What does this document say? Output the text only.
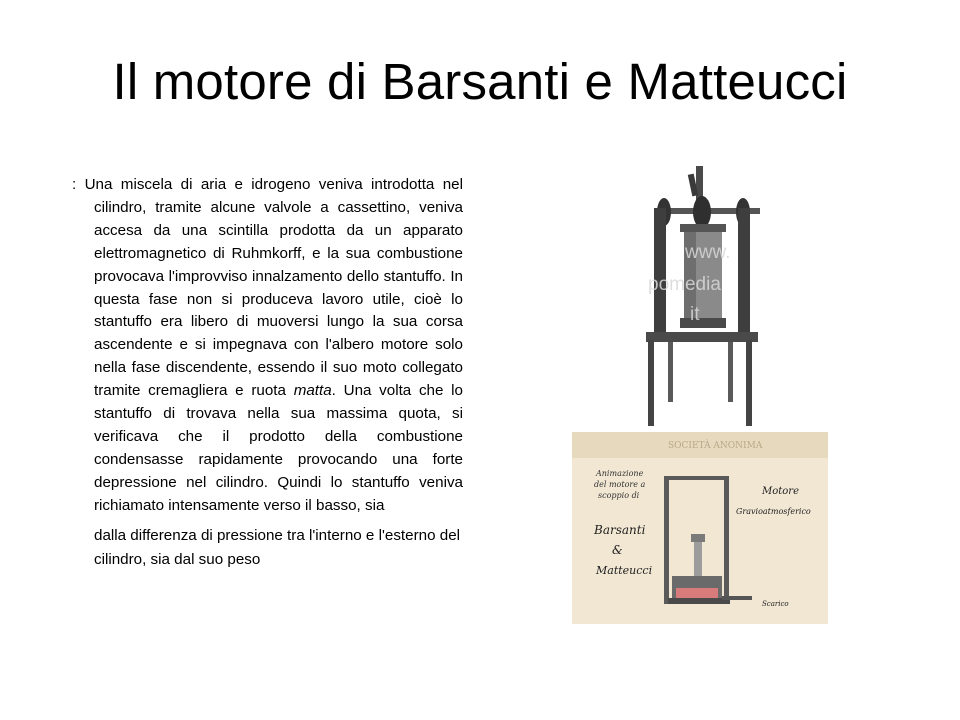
Il motore di Barsanti e Matteucci

: Una miscela di aria e idrogeno veniva introdotta nel cilindro, tramite alcune valvole a cassettino, veniva accesa da una scintilla prodotta da un apparato elettromagnetico di Ruhmkorff, e la sua combustione provocava l'improvviso innalzamento dello stantuffo. In questa fase non si produceva lavoro utile, cioè lo stantuffo era libero di muoversi lungo la sua corsa ascendente e si impegnava con l'albero motore solo nella fase discendente, essendo il suo moto collegato tramite cremagliera e ruota matta. Una volta che lo stantuffo di trovava nella sua massima quota, si verificava che il prodotto della combustione condensasse rapidamente provocando una forte depressione nel cilindro. Quindi lo stantuffo veniva richiamato intensamente verso il basso, sia

dalla differenza di pressione tra l'interno e l'esterno del cilindro, sia dal suo peso

www.
pomedia
it
SOCIETÀ ANONIMA
Animazione
del motore a
scoppio di
Barsanti
&
Matteucci
Motore
Gravioatmosferico
Scarico
